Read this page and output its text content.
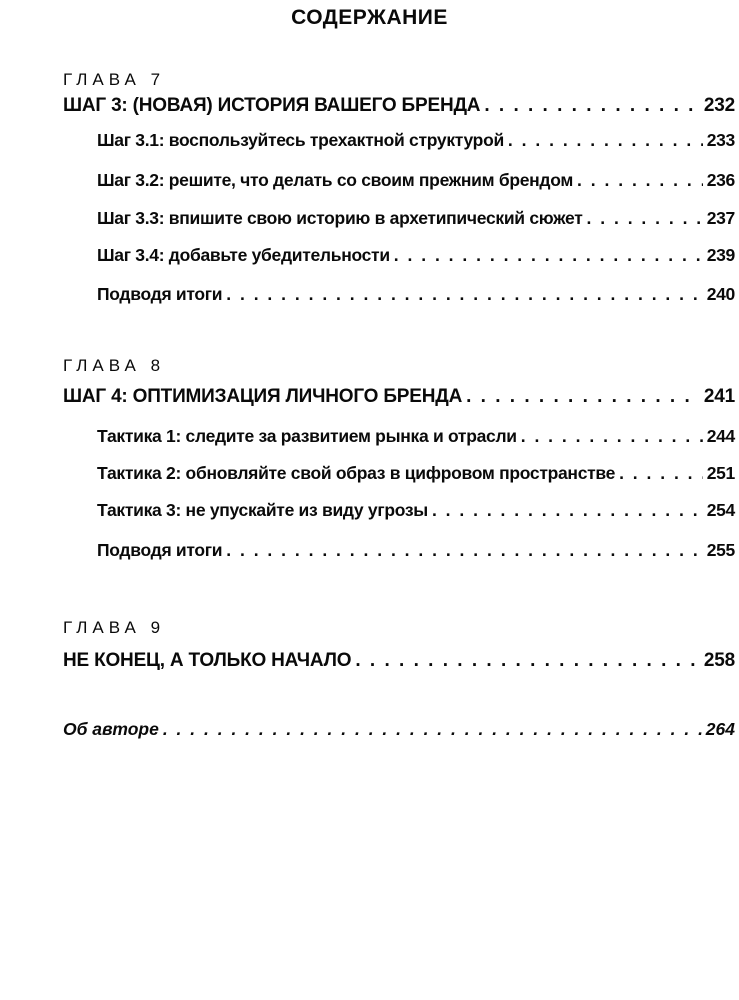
СОДЕРЖАНИЕ
ГЛАВА 7
ШАГ 3: (НОВАЯ) ИСТОРИЯ ВАШЕГО БРЕНДА . . .	232
Шаг 3.1: воспользуйтесь трехактной структурой . . .	233
Шаг 3.2: решите, что делать со своим прежним брендом . . .	236
Шаг 3.3: впишите свою историю в архетипический сюжет . . .	237
Шаг 3.4: добавьте убедительности . . .	239
Подводя итоги . . .	240
ГЛАВА 8
ШАГ 4: ОПТИМИЗАЦИЯ ЛИЧНОГО БРЕНДА . . .	241
Тактика 1: следите за развитием рынка и отрасли . . .	244
Тактика 2: обновляйте свой образ в цифровом пространстве . . .	251
Тактика 3: не упускайте из виду угрозы . . .	254
Подводя итоги . . .	255
ГЛАВА 9
НЕ КОНЕЦ, А ТОЛЬКО НАЧАЛО . . .	258
Об авторе . . .	264
